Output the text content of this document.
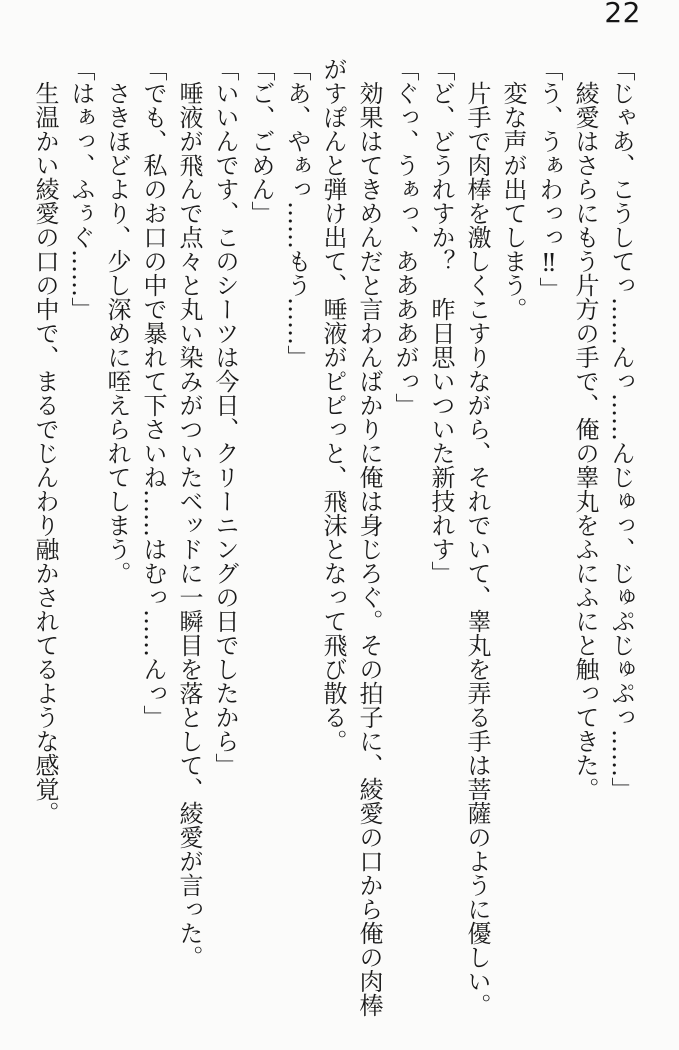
22

「じゃあ、こうしてっ……んっ……んじゅっ、じゅぷじゅぷっ……」

綾愛はさらにもう片方の手で、俺の睾丸をふにふにと触ってきた。

「う、うぁわっっ‼」

変な声が出てしまう。

片手で肉棒を激しくこすりながら、それでいて、睾丸を弄る手は菩薩のように優しい。

「ど、どうれすか？　昨日思いついた新技れす」

「ぐっ、うぁっ、ああああがっ」

効果はてきめんだと言わんばかりに俺は身じろぐ。その拍子に、綾愛の口から俺の肉棒がすぽんと弾け出て、唾液がピピっと、飛沫となって飛び散る。

「あ、やぁっ……もう……」

「ご、ごめん」

「いいんです、このシーツは今日、クリーニングの日でしたから」

唾液が飛んで点々と丸い染みがついたベッドに一瞬目を落として、綾愛が言った。

「でも、私のお口の中で暴れて下さいね……はむっ……んっ」

さきほどより、少し深めに咥えられてしまう。

「はぁっ、ふぅぐ……」

生温かい綾愛の口の中で、まるでじんわり融かされてるような感覚。
